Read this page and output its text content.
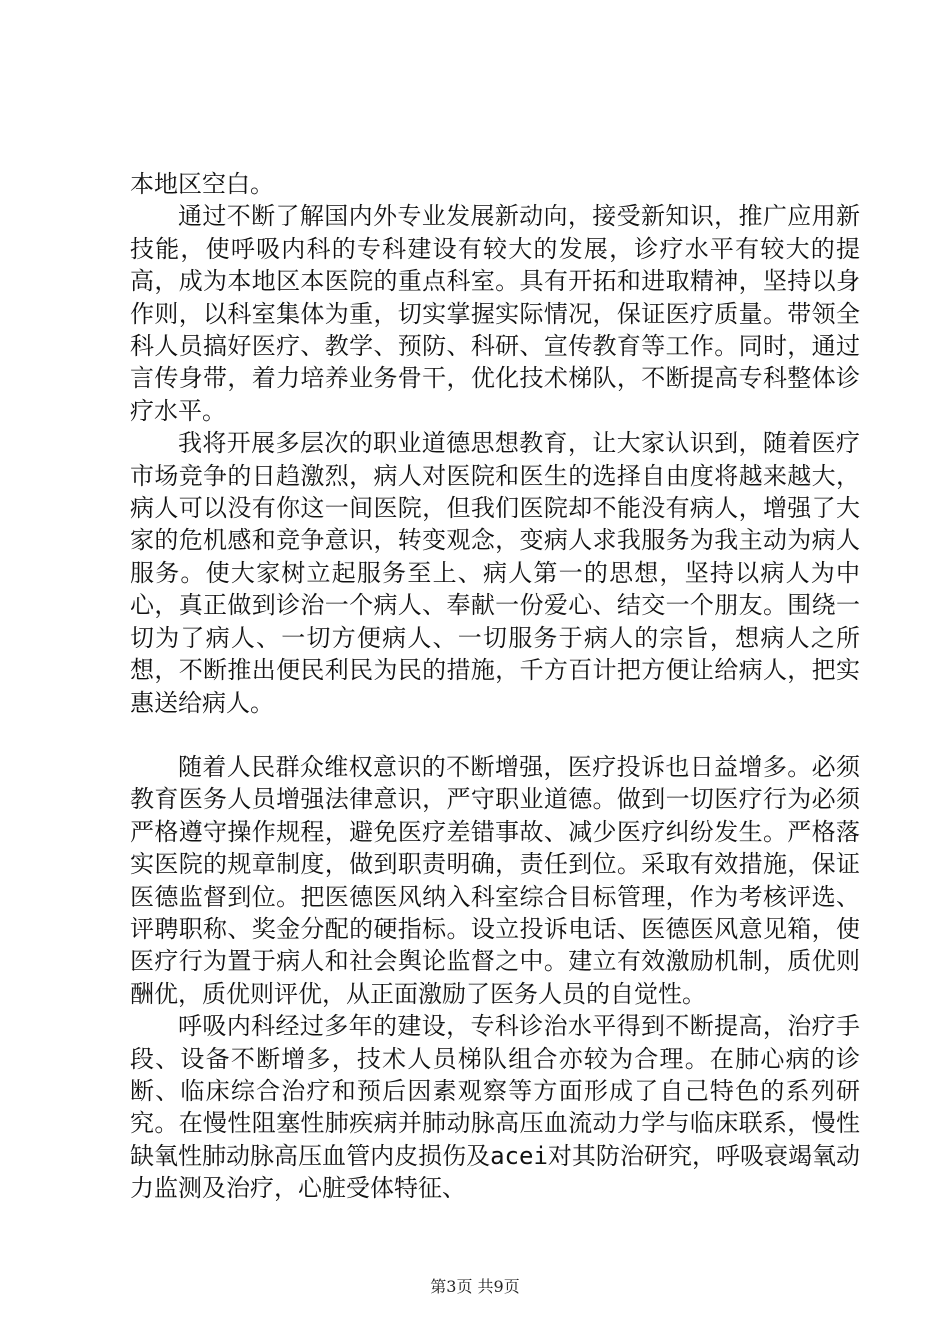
本地区空白。

通过不断了解国内外专业发展新动向，接受新知识，推广应用新技能，使呼吸内科的专科建设有较大的发展，诊疗水平有较大的提高，成为本地区本医院的重点科室。具有开拓和进取精神，坚持以身作则，以科室集体为重，切实掌握实际情况，保证医疗质量。带领全科人员搞好医疗、教学、预防、科研、宣传教育等工作。同时，通过言传身带，着力培养业务骨干，优化技术梯队，不断提高专科整体诊疗水平。

我将开展多层次的职业道德思想教育，让大家认识到，随着医疗市场竞争的日趋激烈，病人对医院和医生的选择自由度将越来越大，病人可以没有你这一间医院，但我们医院却不能没有病人，增强了大家的危机感和竞争意识，转变观念，变病人求我服务为我主动为病人服务。使大家树立起服务至上、病人第一的思想，坚持以病人为中心，真正做到诊治一个病人、奉献一份爱心、结交一个朋友。围绕一切为了病人、一切方便病人、一切服务于病人的宗旨，想病人之所想，不断推出便民利民为民的措施，千方百计把方便让给病人，把实惠送给病人。

随着人民群众维权意识的不断增强，医疗投诉也日益增多。必须教育医务人员增强法律意识，严守职业道德。做到一切医疗行为必须严格遵守操作规程，避免医疗差错事故、减少医疗纠纷发生。严格落实医院的规章制度，做到职责明确，责任到位。采取有效措施，保证医德监督到位。把医德医风纳入科室综合目标管理，作为考核评选、评聘职称、奖金分配的硬指标。设立投诉电话、医德医风意见箱，使医疗行为置于病人和社会舆论监督之中。建立有效激励机制，质优则酬优，质优则评优，从正面激励了医务人员的自觉性。

呼吸内科经过多年的建设，专科诊治水平得到不断提高，治疗手段、设备不断增多，技术人员梯队组合亦较为合理。在肺心病的诊断、临床综合治疗和预后因素观察等方面形成了自己特色的系列研究。在慢性阻塞性肺疾病并肺动脉高压血流动力学与临床联系，慢性缺氧性肺动脉高压血管内皮损伤及acei对其防治研究，呼吸衰竭氧动力监测及治疗，心脏受体特征、

第3页 共9页
